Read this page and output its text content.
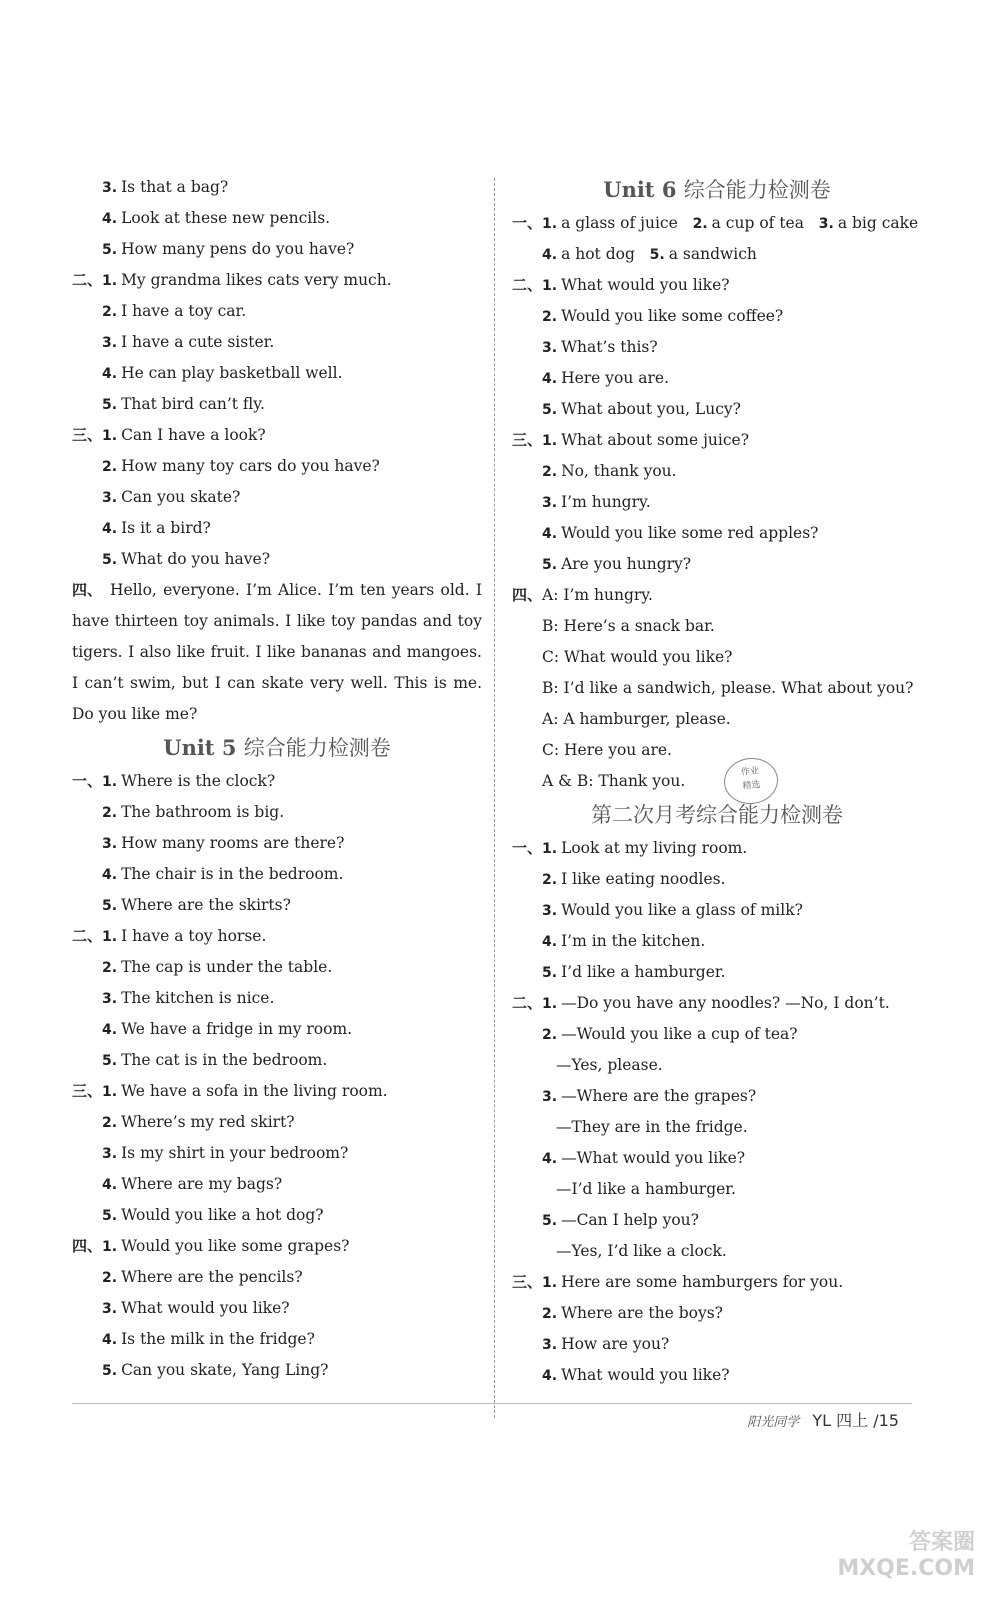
3. Is that a bag?
4. Look at these new pencils.
5. How many pens do you have?
二、1. My grandma likes cats very much.
2. I have a toy car.
3. I have a cute sister.
4. He can play basketball well.
5. That bird can’t fly.
三、1. Can I have a look?
2. How many toy cars do you have?
3. Can you skate?
4. Is it a bird?
5. What do you have?
四、 Hello, everyone. I’m Alice. I’m ten years old. I have thirteen toy animals. I like toy pandas and toy tigers. I also like fruit. I like bananas and mangoes. I can’t swim, but I can skate very well. This is me. Do you like me?
Unit 5 综合能力检测卷
一、1. Where is the clock?
2. The bathroom is big.
3. How many rooms are there?
4. The chair is in the bedroom.
5. Where are the skirts?
二、1. I have a toy horse.
2. The cap is under the table.
3. The kitchen is nice.
4. We have a fridge in my room.
5. The cat is in the bedroom.
三、1. We have a sofa in the living room.
2. Where’s my red skirt?
3. Is my shirt in your bedroom?
4. Where are my bags?
5. Would you like a hot dog?
四、1. Would you like some grapes?
2. Where are the pencils?
3. What would you like?
4. Is the milk in the fridge?
5. Can you skate, Yang Ling?
Unit 6 综合能力检测卷
一、1. a glass of juice   2. a cup of tea   3. a big cake
4. a hot dog   5. a sandwich
二、1. What would you like?
2. Would you like some coffee?
3. What’s this?
4. Here you are.
5. What about you, Lucy?
三、1. What about some juice?
2. No, thank you.
3. I’m hungry.
4. Would you like some red apples?
5. Are you hungry?
四、A: I’m hungry.
B: Here’s a snack bar.
C: What would you like?
B: I’d like a sandwich, please. What about you?
A: A hamburger, please.
C: Here you are.
A & B: Thank you.
第二次月考综合能力检测卷
一、1. Look at my living room.
2. I like eating noodles.
3. Would you like a glass of milk?
4. I’m in the kitchen.
5. I’d like a hamburger.
二、1. —Do you have any noodles? —No, I don’t.
2. —Would you like a cup of tea?
—Yes, please.
3. —Where are the grapes?
—They are in the fridge.
4. —What would you like?
—I’d like a hamburger.
5. —Can I help you?
—Yes, I’d like a clock.
三、1. Here are some hamburgers for you.
2. Where are the boys?
3. How are you?
4. What would you like?
作业
精选
阳光同学 YL 四上 /15
答案圈
MXQE.COM
